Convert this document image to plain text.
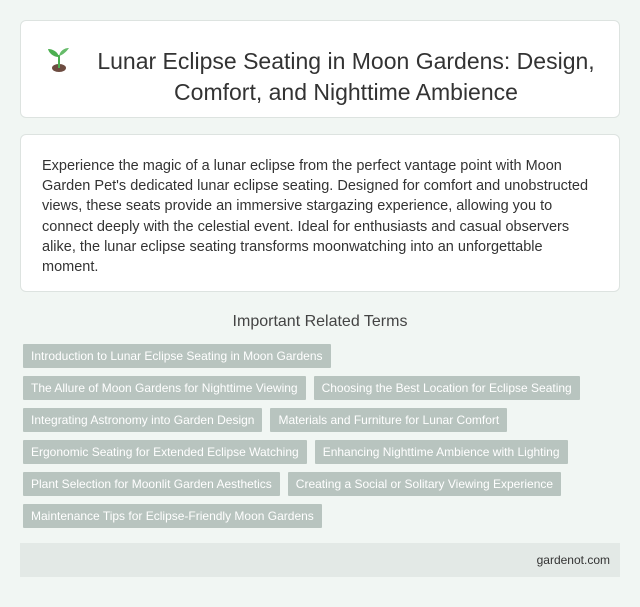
Lunar Eclipse Seating in Moon Gardens: Design, Comfort, and Nighttime Ambience

Experience the magic of a lunar eclipse from the perfect vantage point with Moon Garden Pet's dedicated lunar eclipse seating. Designed for comfort and unobstructed views, these seats provide an immersive stargazing experience, allowing you to connect deeply with the celestial event. Ideal for enthusiasts and casual observers alike, the lunar eclipse seating transforms moonwatching into an unforgettable moment.

Important Related Terms
Introduction to Lunar Eclipse Seating in Moon Gardens
The Allure of Moon Gardens for Nighttime Viewing	Choosing the Best Location for Eclipse Seating
Integrating Astronomy into Garden Design	Materials and Furniture for Lunar Comfort
Ergonomic Seating for Extended Eclipse Watching	Enhancing Nighttime Ambience with Lighting
Plant Selection for Moonlit Garden Aesthetics	Creating a Social or Solitary Viewing Experience
Maintenance Tips for Eclipse-Friendly Moon Gardens
gardenot.com
